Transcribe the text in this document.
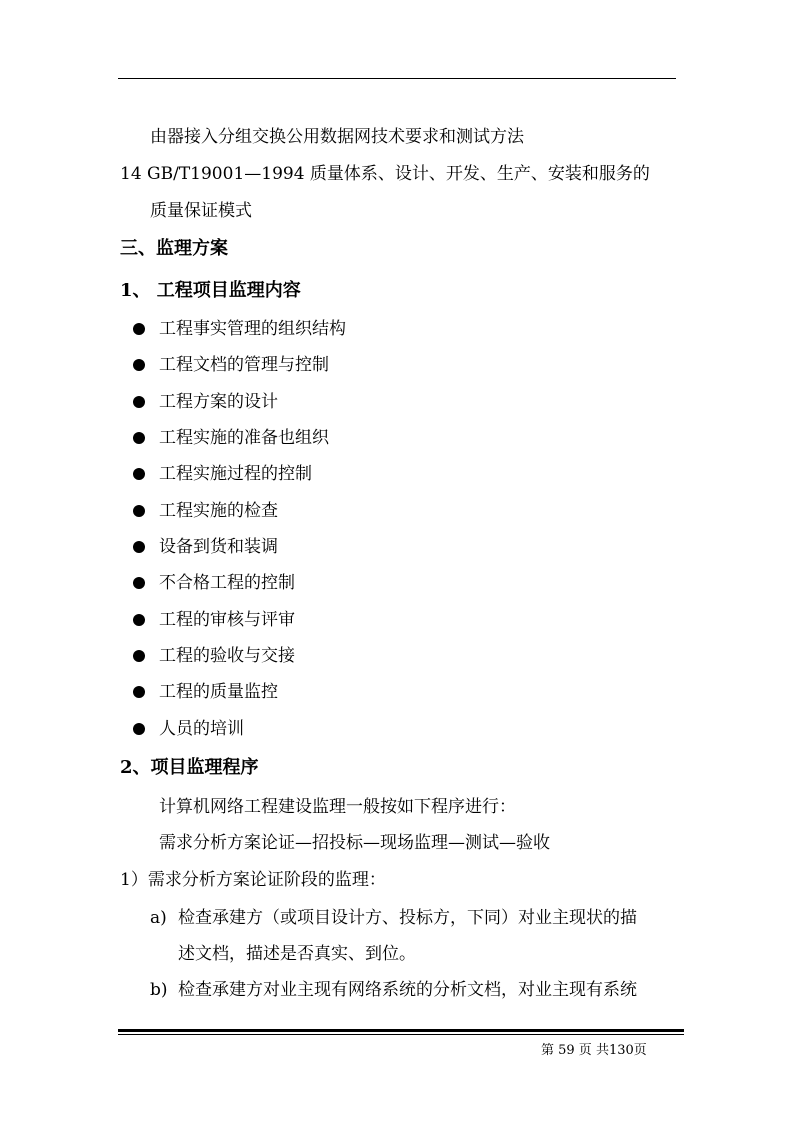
由器接入分组交换公用数据网技术要求和测试方法
14 GB/T19001—1994 质量体系、设计、开发、生产、安装和服务的
质量保证模式
三、监理方案
1、 工程项目监理内容
工程事实管理的组织结构
工程文档的管理与控制
工程方案的设计
工程实施的准备也组织
工程实施过程的控制
工程实施的检查
设备到货和装调
不合格工程的控制
工程的审核与评审
工程的验收与交接
工程的质量监控
人员的培训
2、项目监理程序
计算机网络工程建设监理一般按如下程序进行：
需求分析方案论证—招投标—现场监理—测试—验收
1）需求分析方案论证阶段的监理：
a) 检查承建方（或项目设计方、投标方，下同）对业主现状的描
述文档，描述是否真实、到位。
b) 检查承建方对业主现有网络系统的分析文档，对业主现有系统
第 59 页 共130页
